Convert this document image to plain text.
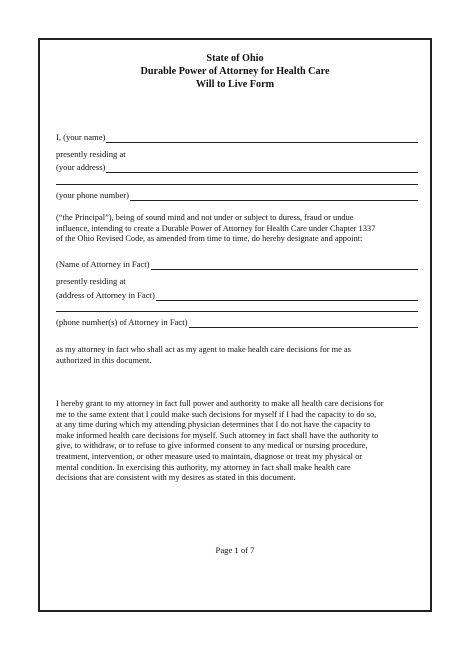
State of Ohio
Durable Power of Attorney for Health Care
Will to Live Form
I, (your name)
presently residing at
(your address)
(your phone number)
(“the Principal”), being of sound mind and not under or subject to duress, fraud or undue
influence, intending to create a Durable Power of Attorney for Health Care under Chapter 1337
of the Ohio Revised Code, as amended from time to time, do hereby designate and appoint:
(Name of Attorney in Fact)
presently residing at
(address of Attorney in Fact)
(phone number(s) of Attorney in Fact)
as my attorney in fact who shall act as my agent to make health care decisions for me as
authorized in this document.
I hereby grant to my attorney in fact full power and authority to make all health care decisions for
me to the same extent that I could make such decisions for myself if I had the capacity to do so,
at any time during which my attending physician determines that I do not have the capacity to
make informed health care decisions for myself. Such attorney in fact shall have the authority to
give, to withdraw, or to refuse to give informed consent to any medical or nursing procedure,
treatment, intervention, or other measure used to maintain, diagnose or treat my physical or
mental condition. In exercising this authority, my attorney in fact shall make health care
decisions that are consistent with my desires as stated in this document.
Page 1 of 7
